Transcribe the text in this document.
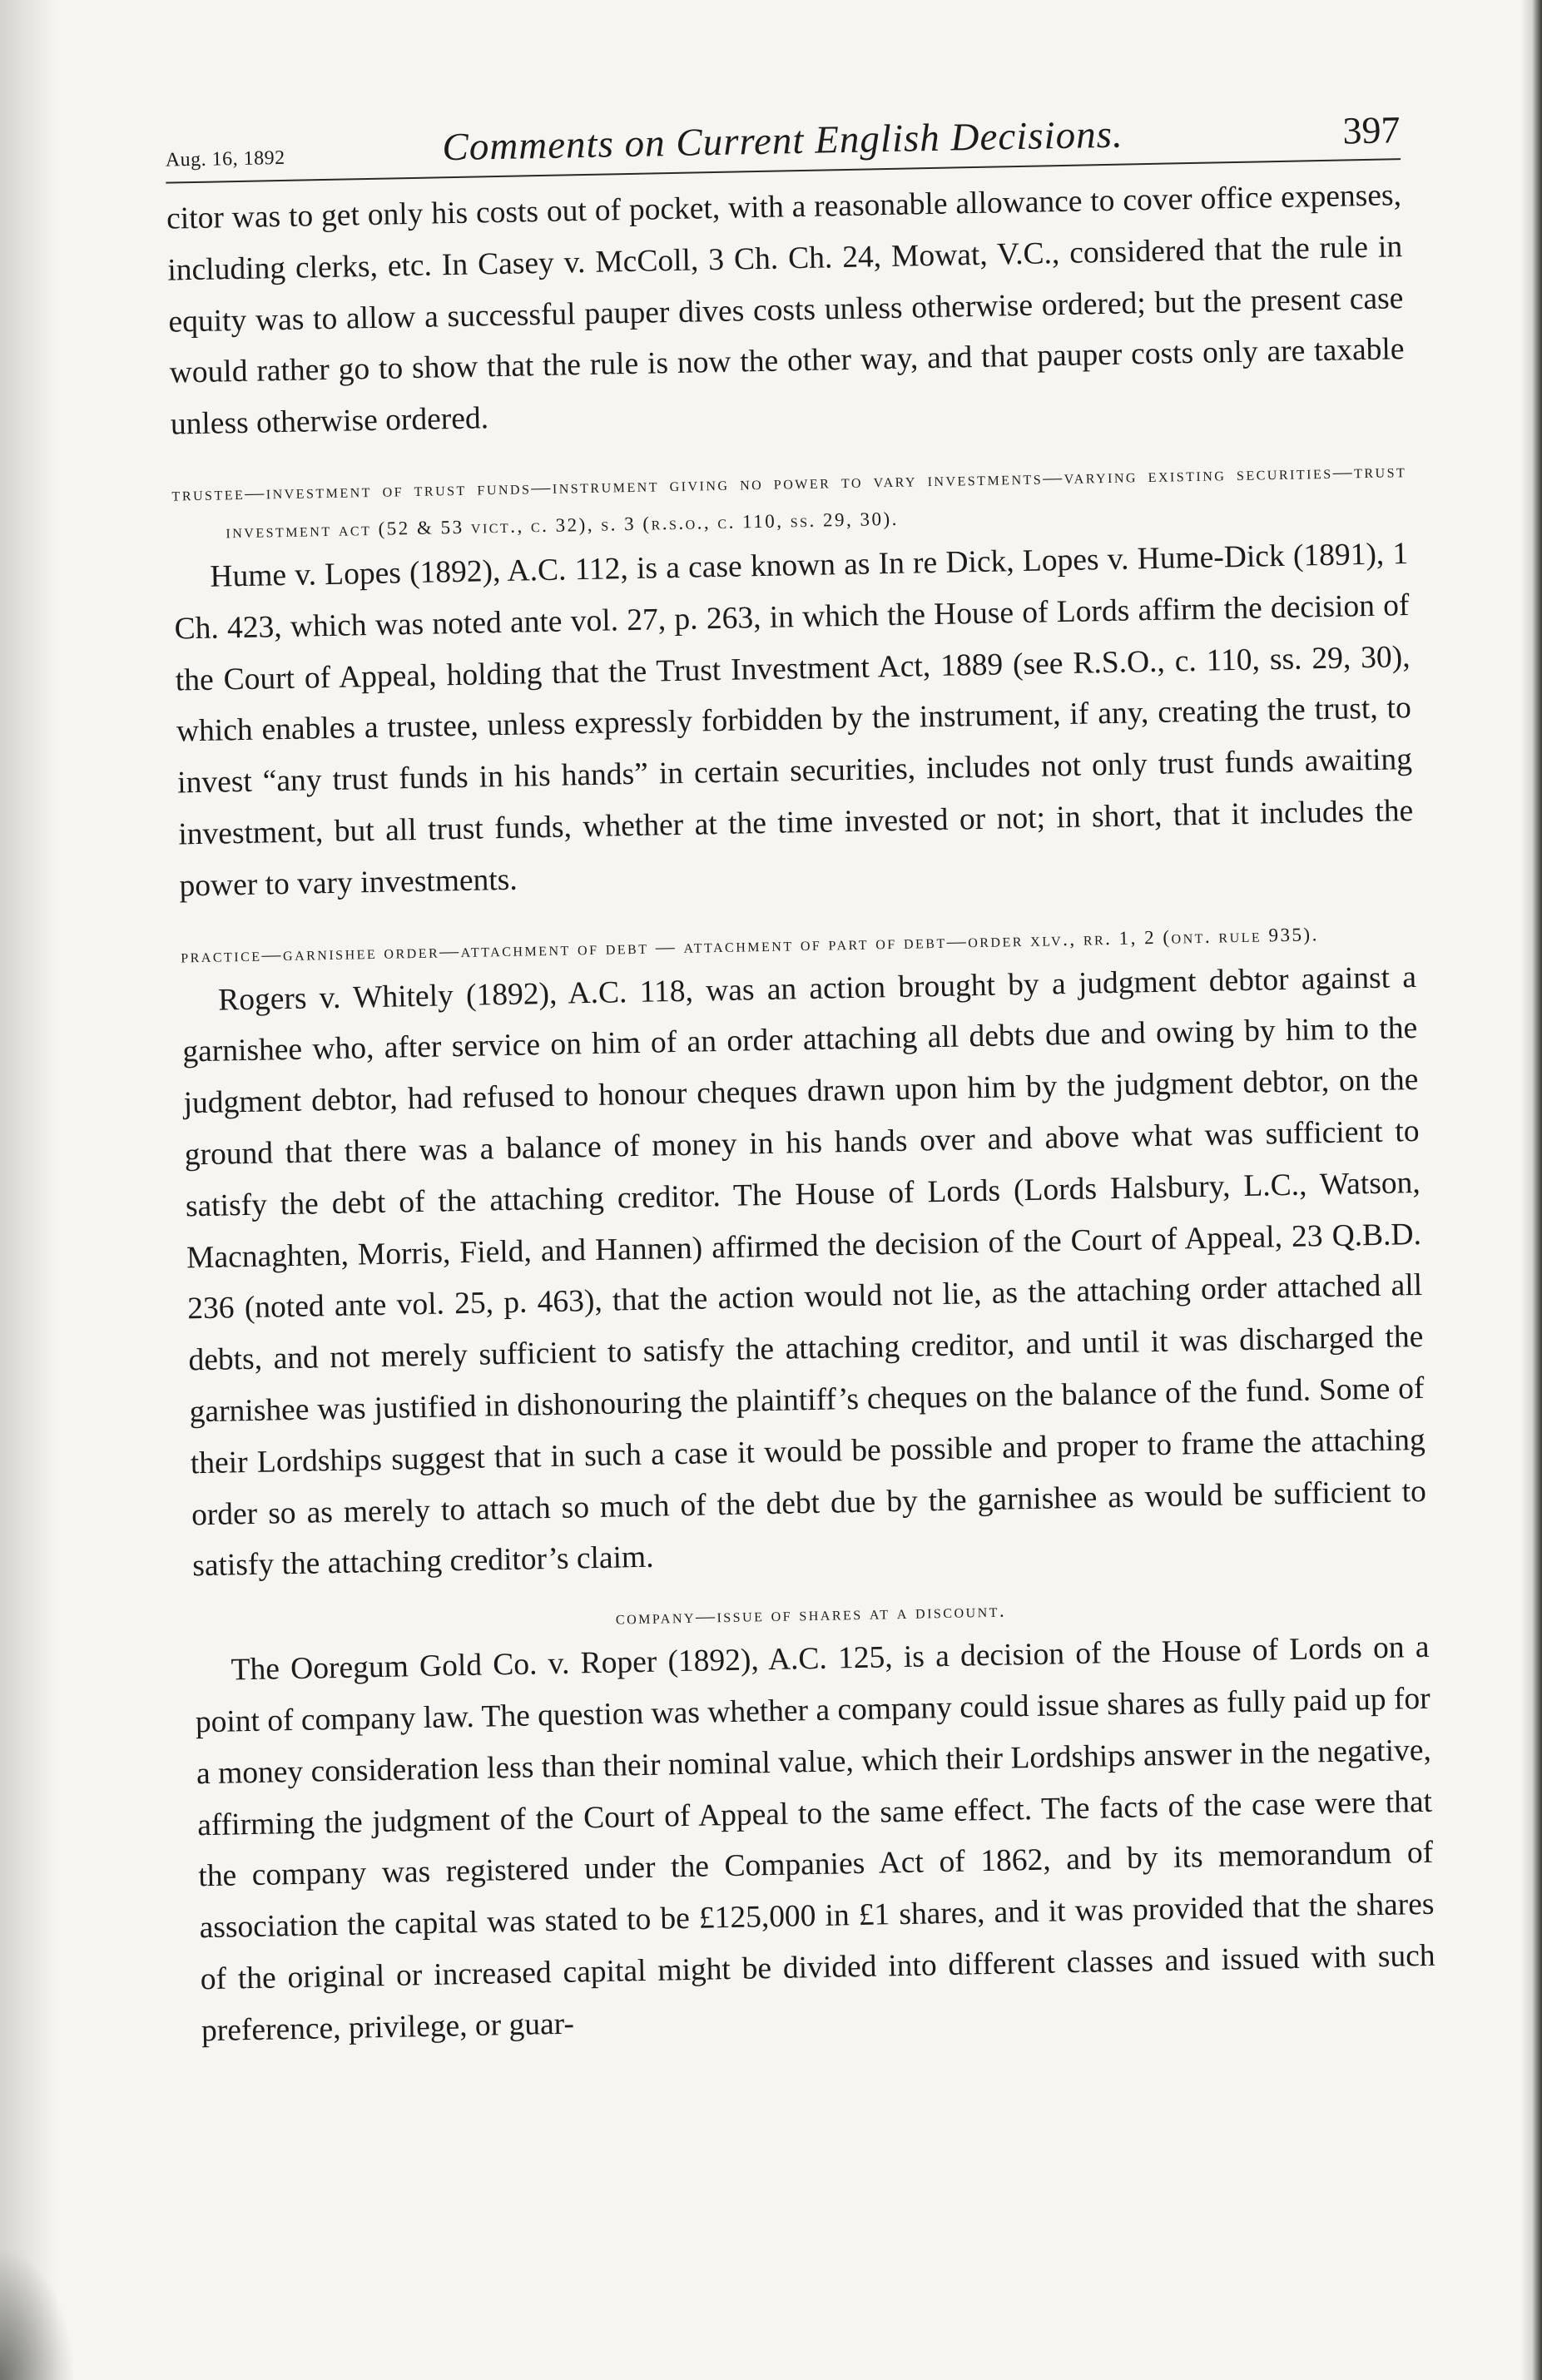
Aug. 16, 1892	Comments on Current English Decisions.	397

citor was to get only his costs out of pocket, with a reasonable allowance to cover office expenses, including clerks, etc. In Casey v. McColl, 3 Ch. Ch. 24, Mowat, V.C., considered that the rule in equity was to allow a successful pauper dives costs unless otherwise ordered; but the present case would rather go to show that the rule is now the other way, and that pauper costs only are taxable unless otherwise ordered.

trustee—investment of trust funds—instrument giving no power to vary investments—varying existing securities—trust investment act (52 & 53 vict., c. 32), s. 3 (r.s.o., c. 110, ss. 29, 30).

Hume v. Lopes (1892), A.C. 112, is a case known as In re Dick, Lopes v. Hume-Dick (1891), 1 Ch. 423, which was noted ante vol. 27, p. 263, in which the House of Lords affirm the decision of the Court of Appeal, holding that the Trust Investment Act, 1889 (see R.S.O., c. 110, ss. 29, 30), which enables a trustee, unless expressly forbidden by the instrument, if any, creating the trust, to invest “any trust funds in his hands” in certain securities, includes not only trust funds awaiting investment, but all trust funds, whether at the time invested or not; in short, that it includes the power to vary investments.

practice—garnishee order—attachment of debt — attachment of part of debt—order xlv., rr. 1, 2 (ont. rule 935).

Rogers v. Whitely (1892), A.C. 118, was an action brought by a judgment debtor against a garnishee who, after service on him of an order attaching all debts due and owing by him to the judgment debtor, had refused to honour cheques drawn upon him by the judgment debtor, on the ground that there was a balance of money in his hands over and above what was sufficient to satisfy the debt of the attaching creditor. The House of Lords (Lords Halsbury, L.C., Watson, Macnaghten, Morris, Field, and Hannen) affirmed the decision of the Court of Appeal, 23 Q.B.D. 236 (noted ante vol. 25, p. 463), that the action would not lie, as the attaching order attached all debts, and not merely sufficient to satisfy the attaching creditor, and until it was discharged the garnishee was justified in dishonouring the plaintiff’s cheques on the balance of the fund. Some of their Lordships suggest that in such a case it would be possible and proper to frame the attaching order so as merely to attach so much of the debt due by the garnishee as would be sufficient to satisfy the attaching creditor’s claim.

company—issue of shares at a discount.

The Ooregum Gold Co. v. Roper (1892), A.C. 125, is a decision of the House of Lords on a point of company law. The question was whether a company could issue shares as fully paid up for a money consideration less than their nominal value, which their Lordships answer in the negative, affirming the judgment of the Court of Appeal to the same effect. The facts of the case were that the company was registered under the Companies Act of 1862, and by its memorandum of association the capital was stated to be £125,000 in £1 shares, and it was provided that the shares of the original or increased capital might be divided into different classes and issued with such preference, privilege, or guar-
